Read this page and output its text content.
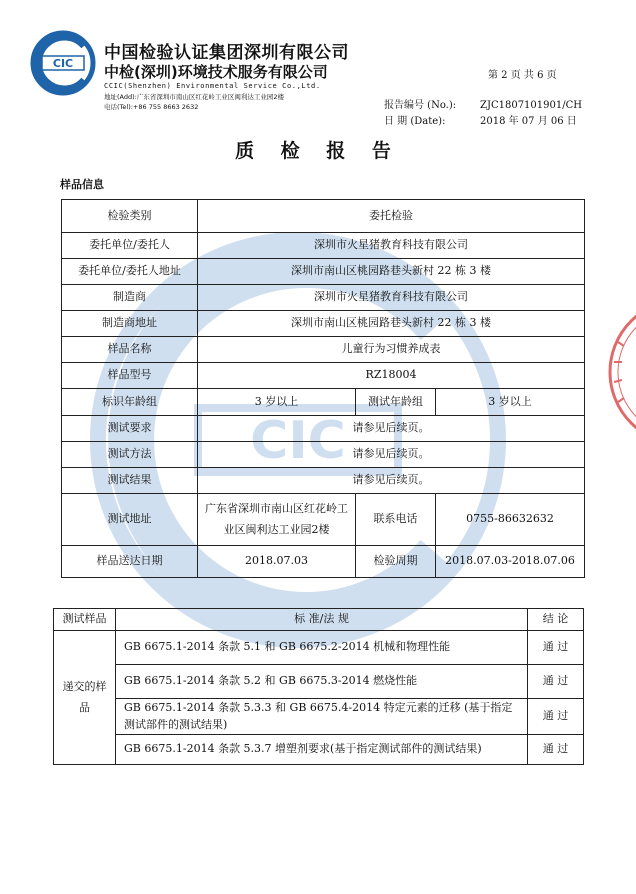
CIC
中国检验认证集团深圳有限公司
中检(深圳)环境技术服务有限公司
CCIC(Shenzhen) Environmental Service Co.,Ltd.
地址(Add):广东省深圳市南山区红花岭工业区闽利达工业园2楼
电话(Tel):+86 755 8663 2632
第 2 页 共 6 页
报告编号 (No.): ZJC1807101901/CH
日 期 (Date):	2018 年 07 月 06 日
质 检 报 告
样品信息
CIC
检验类别	委托检验		
委托单位/委托人	深圳市火星猪教育科技有限公司		
委托单位/委托人地址	深圳市南山区桃园路巷头新村 22 栋 3 楼		
制造商	深圳市火星猪教育科技有限公司		
制造商地址	深圳市南山区桃园路巷头新村 22 栋 3 楼		
样品名称	儿童行为习惯养成表		
样品型号	RZ18004		
标识年龄组	3 岁以上	测试年龄组	3 岁以上
测试要求	请参见后续页。		
测试方法	请参见后续页。		
测试结果	请参见后续页。		
测试地址	广东省深圳市南山区红花岭工业区闽利达工业园2楼	联系电话	0755-86632632
样品送达日期	2018.07.03	检验周期	2018.07.03-2018.07.06
测试样品	标 准/法 规	结 论
递交的样品	GB 6675.1-2014 条款 5.1 和 GB 6675.2-2014 机械和物理性能	通 过
	GB 6675.1-2014 条款 5.2 和 GB 6675.3-2014 燃烧性能	通 过
	GB 6675.1-2014 条款 5.3.3 和 GB 6675.4-2014 特定元素的迁移 (基于指定测试部件的测试结果)	通 过
	GB 6675.1-2014 条款 5.3.7 增塑剂要求(基于指定测试部件的测试结果)	通 过
